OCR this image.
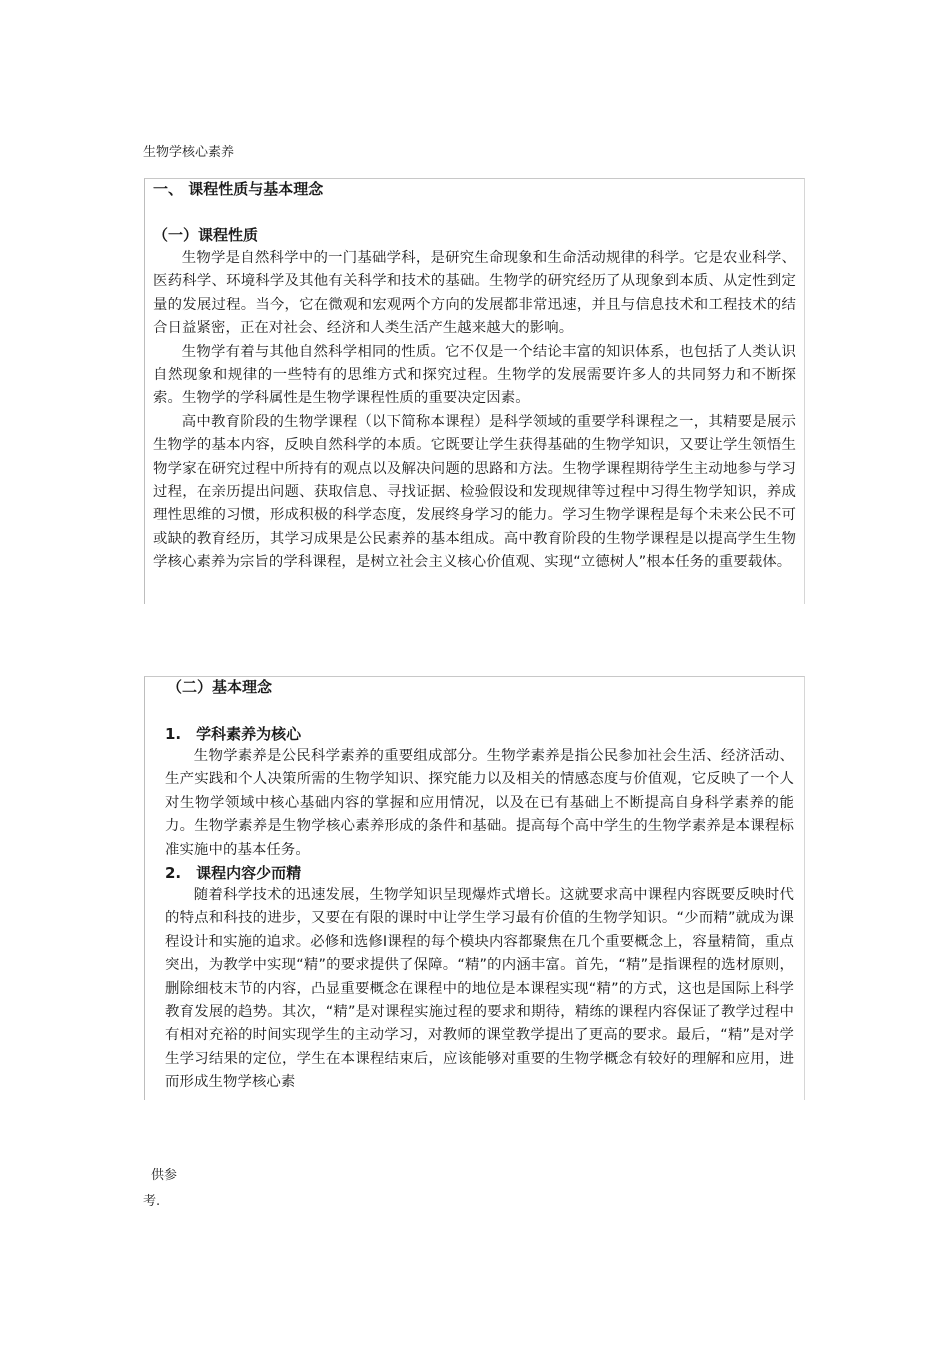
生物学核心素养
一、 课程性质与基本理念
（一）课程性质

生物学是自然科学中的一门基础学科，是研究生命现象和生命活动规律的科学。它是农业科学、医药科学、环境科学及其他有关科学和技术的基础。生物学的研究经历了从现象到本质、从定性到定量的发展过程。当今，它在微观和宏观两个方向的发展都非常迅速，并且与信息技术和工程技术的结合日益紧密，正在对社会、经济和人类生活产生越来越大的影响。

生物学有着与其他自然科学相同的性质。它不仅是一个结论丰富的知识体系，也包括了人类认识自然现象和规律的一些特有的思维方式和探究过程。生物学的发展需要许多人的共同努力和不断探索。生物学的学科属性是生物学课程性质的重要决定因素。

高中教育阶段的生物学课程（以下简称本课程）是科学领域的重要学科课程之一，其精要是展示生物学的基本内容，反映自然科学的本质。它既要让学生获得基础的生物学知识，又要让学生领悟生物学家在研究过程中所持有的观点以及解决问题的思路和方法。生物学课程期待学生主动地参与学习过程，在亲历提出问题、获取信息、寻找证据、检验假设和发现规律等过程中习得生物学知识，养成理性思维的习惯，形成积极的科学态度，发展终身学习的能力。学习生物学课程是每个未来公民不可或缺的教育经历，其学习成果是公民素养的基本组成。高中教育阶段的生物学课程是以提高学生生物学核心素养为宗旨的学科课程，是树立社会主义核心价值观、实现“立德树人”根本任务的重要载体。

（二）基本理念
1.　学科素养为核心

生物学素养是公民科学素养的重要组成部分。生物学素养是指公民参加社会生活、经济活动、生产实践和个人决策所需的生物学知识、探究能力以及相关的情感态度与价值观，它反映了一个人对生物学领域中核心基础内容的掌握和应用情况，以及在已有基础上不断提高自身科学素养的能力。生物学素养是生物学核心素养形成的条件和基础。提高每个高中学生的生物学素养是本课程标准实施中的基本任务。

2.　课程内容少而精

随着科学技术的迅速发展，生物学知识呈现爆炸式增长。这就要求高中课程内容既要反映时代的特点和科技的进步，又要在有限的课时中让学生学习最有价值的生物学知识。“少而精”就成为课程设计和实施的追求。必修和选修Ⅰ课程的每个模块内容都聚焦在几个重要概念上，容量精简，重点突出，为教学中实现“精”的要求提供了保障。“精”的内涵丰富。首先，“精”是指课程的选材原则，删除细枝末节的内容，凸显重要概念在课程中的地位是本课程实现“精”的方式，这也是国际上科学教育发展的趋势。其次，“精”是对课程实施过程的要求和期待，精练的课程内容保证了教学过程中有相对充裕的时间实现学生的主动学习，对教师的课堂教学提出了更高的要求。最后，“精”是对学生学习结果的定位，学生在本课程结束后，应该能够对重要的生物学概念有较好的理解和应用，进而形成生物学核心素

供参
考.
